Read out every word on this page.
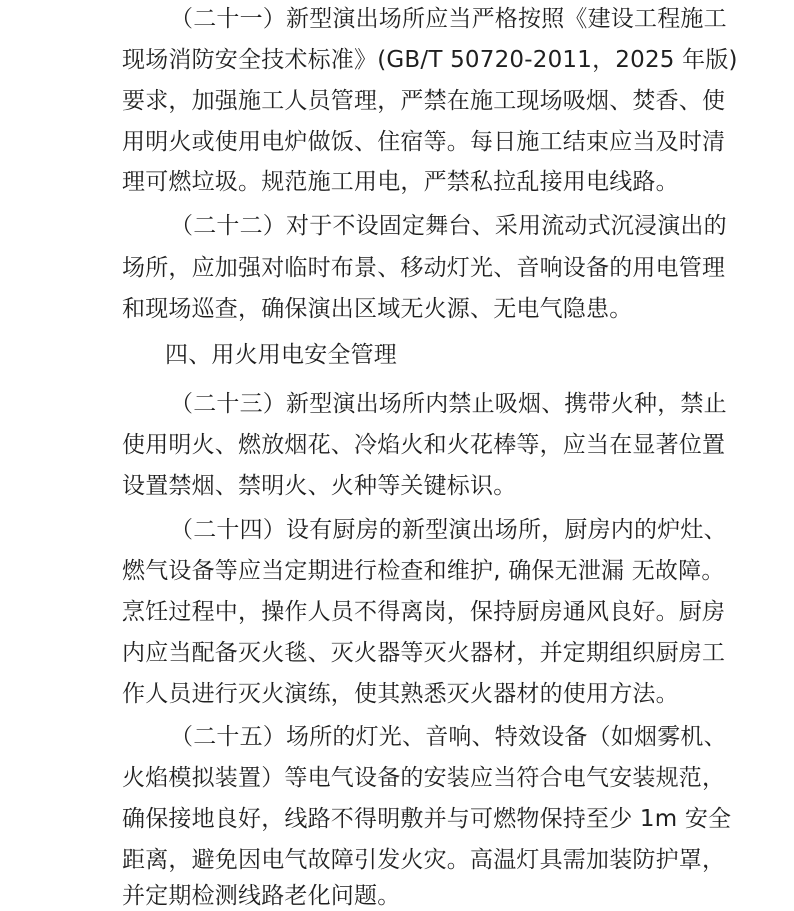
（二十一）新型演出场所应当严格按照《建设工程施工
现场消防安全技术标准》(GB/T 50720-2011，2025 年版)
要求，加强施工人员管理，严禁在施工现场吸烟、焚香、使
用明火或使用电炉做饭、住宿等。每日施工结束应当及时清
理可燃垃圾。规范施工用电，严禁私拉乱接用电线路。
（二十二）对于不设固定舞台、采用流动式沉浸演出的
场所，应加强对临时布景、移动灯光、音响设备的用电管理
和现场巡查，确保演出区域无火源、无电气隐患。
四、用火用电安全管理
（二十三）新型演出场所内禁止吸烟、携带火种，禁止
使用明火、燃放烟花、冷焰火和火花棒等，应当在显著位置
设置禁烟、禁明火、火种等关键标识。
（二十四）设有厨房的新型演出场所，厨房内的炉灶、
燃气设备等应当定期进行检查和维护, 确保无泄漏 无故障。
烹饪过程中，操作人员不得离岗，保持厨房通风良好。厨房
内应当配备灭火毯、灭火器等灭火器材，并定期组织厨房工
作人员进行灭火演练，使其熟悉灭火器材的使用方法。
（二十五）场所的灯光、音响、特效设备（如烟雾机、
火焰模拟装置）等电气设备的安装应当符合电气安装规范，
确保接地良好，线路不得明敷并与可燃物保持至少 1m 安全
距离，避免因电气故障引发火灾。高温灯具需加装防护罩，
并定期检测线路老化问题。
